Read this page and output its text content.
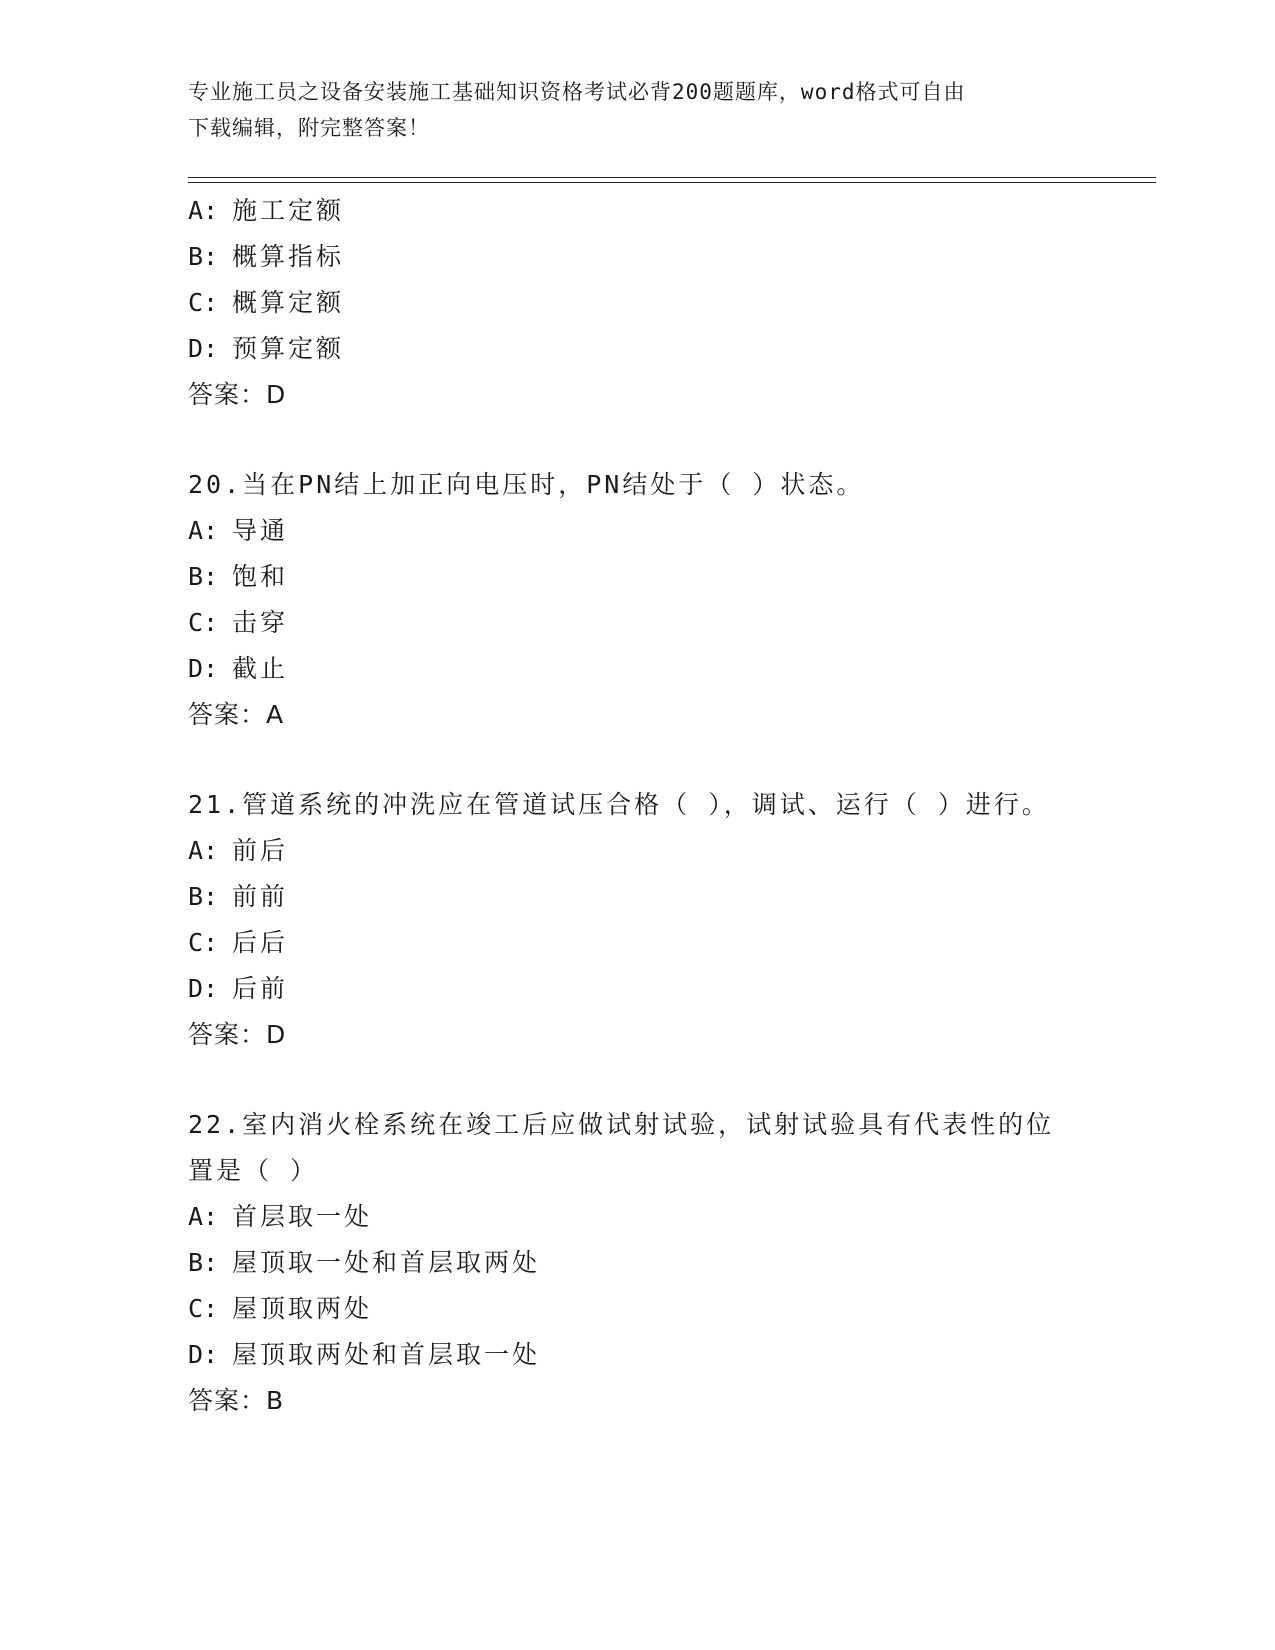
专业施工员之设备安装施工基础知识资格考试必背200题题库，word格式可自由
下载编辑，附完整答案！
A: 施工定额
B: 概算指标
C: 概算定额
D: 预算定额
答案：D
20.当在PN结上加正向电压时，PN结处于（ ）状态。
A: 导通
B: 饱和
C: 击穿
D: 截止
答案：A
21.管道系统的冲洗应在管道试压合格（ ），调试、运行（ ）进行。
A: 前后
B: 前前
C: 后后
D: 后前
答案：D
22.室内消火栓系统在竣工后应做试射试验，试射试验具有代表性的位
置是（ ）
A: 首层取一处
B: 屋顶取一处和首层取两处
C: 屋顶取两处
D: 屋顶取两处和首层取一处
答案：B
